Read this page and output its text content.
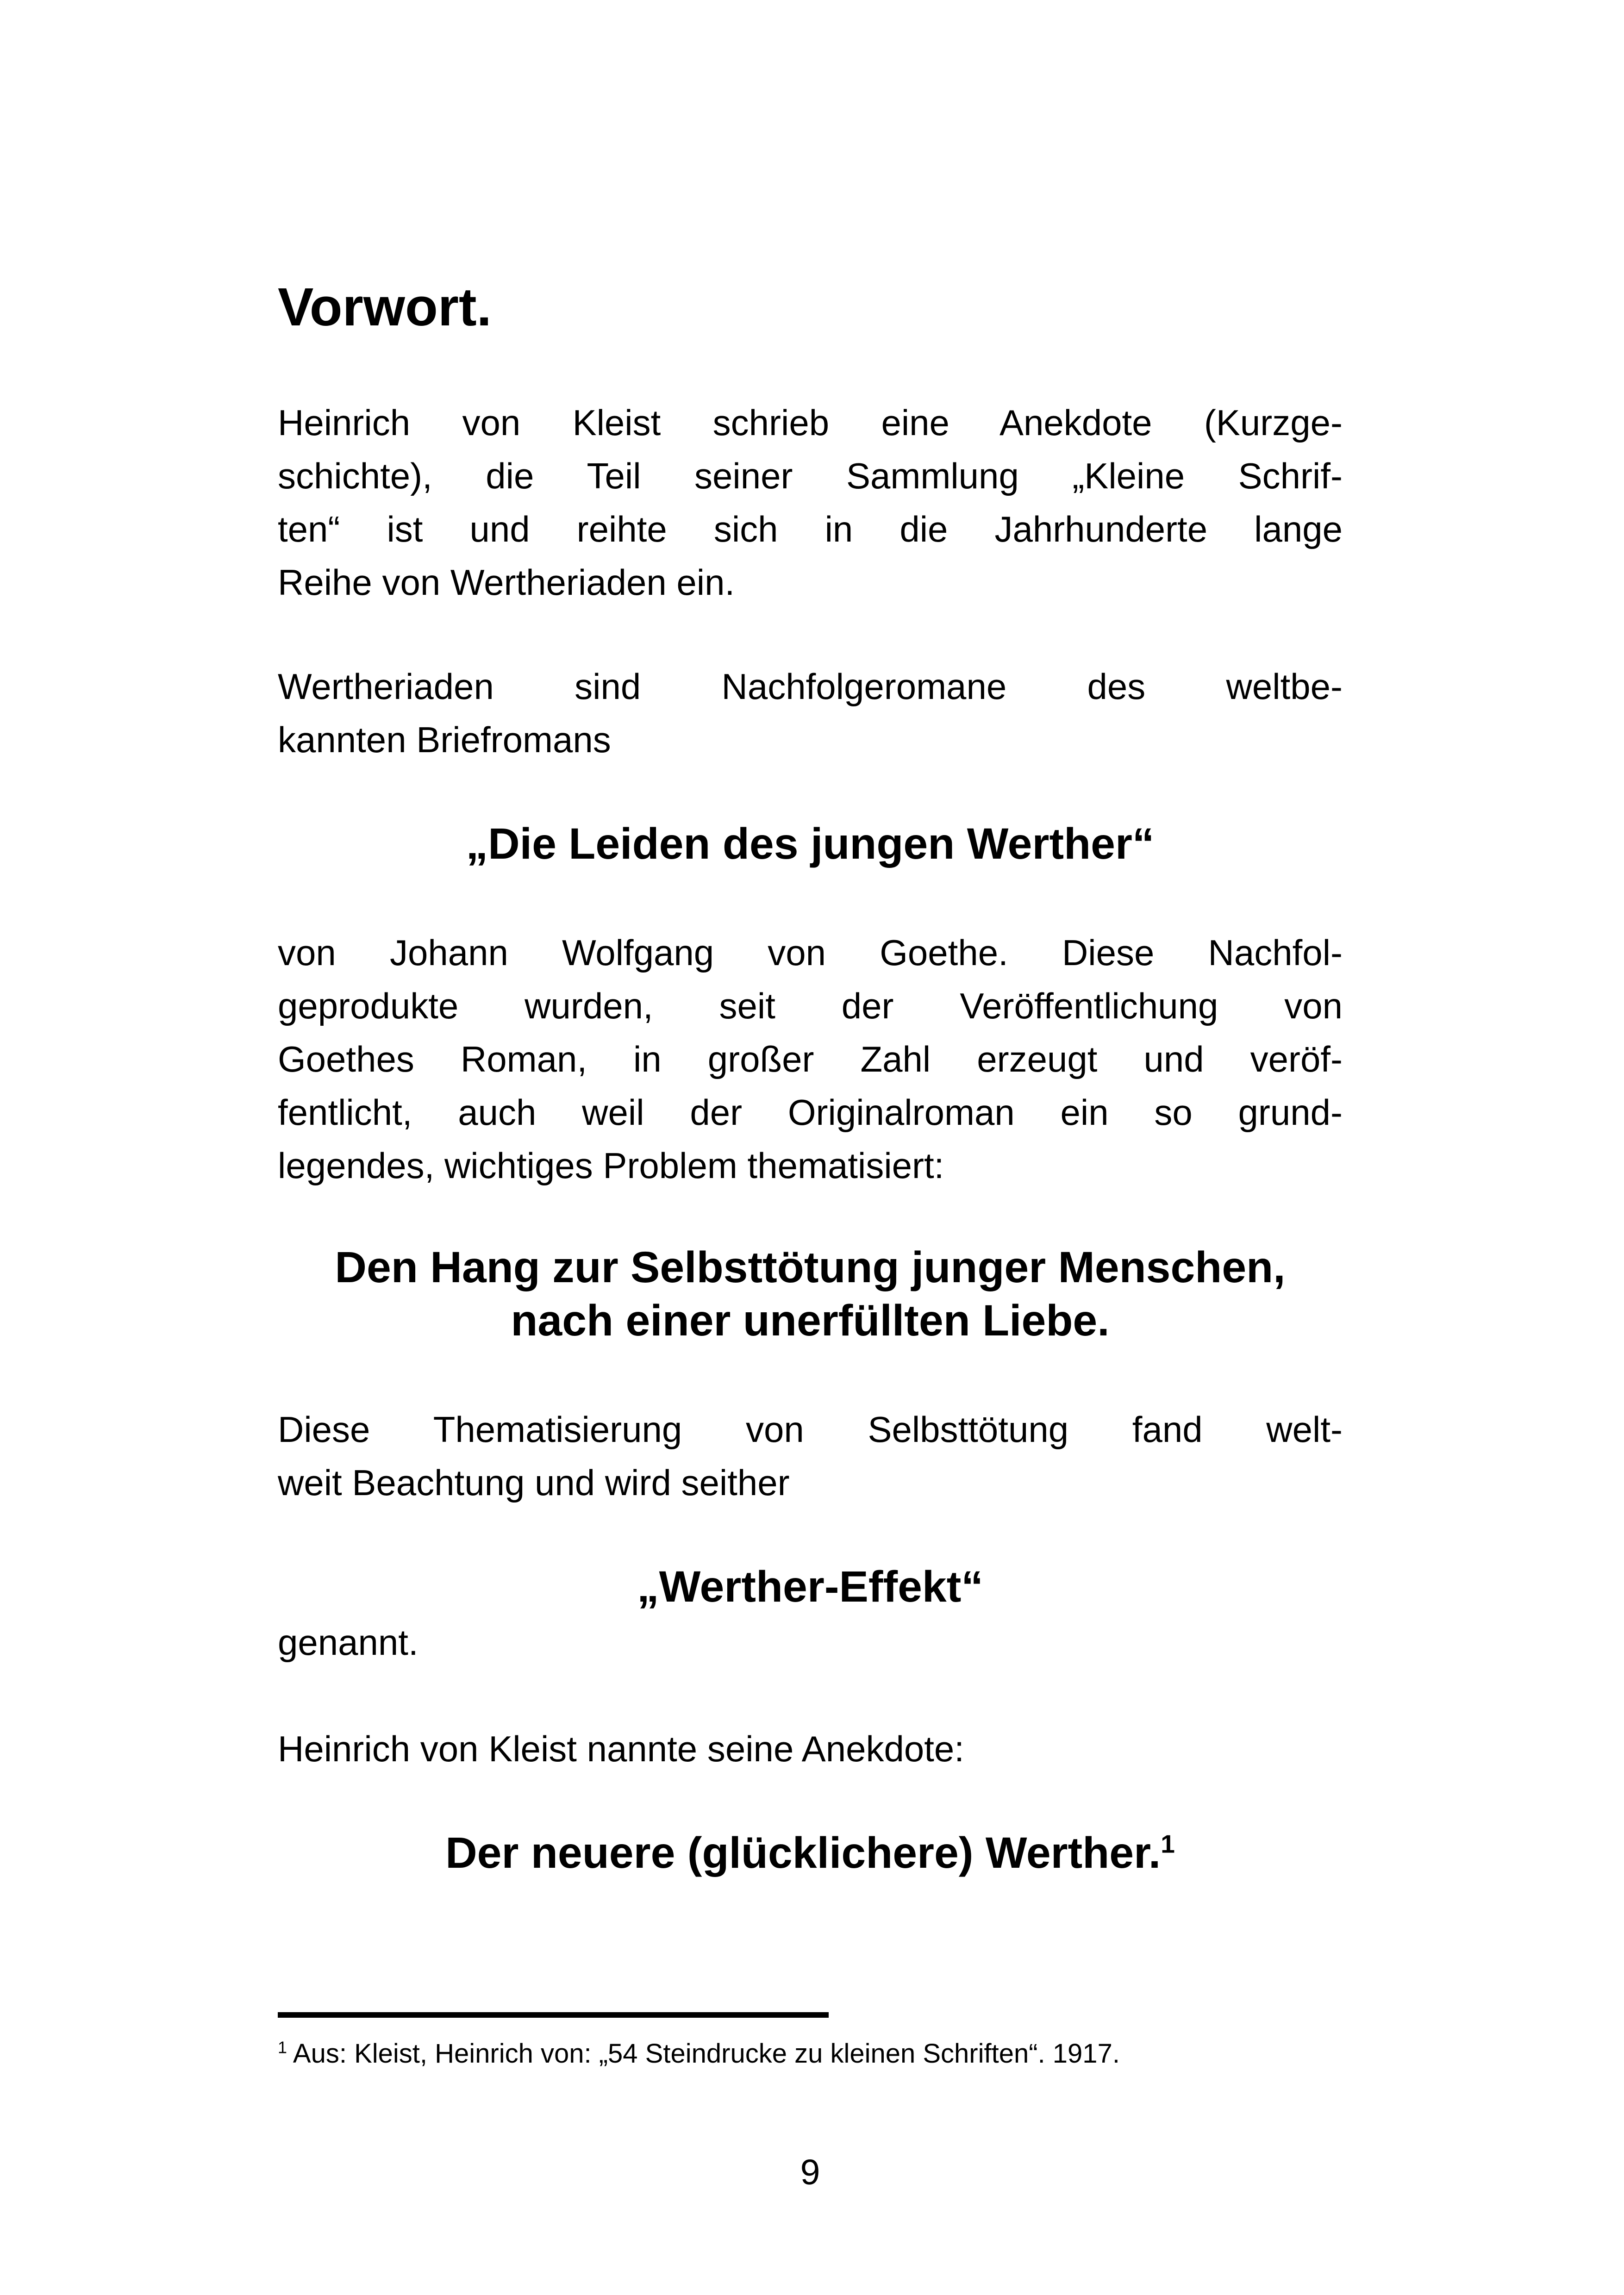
Vorwort.
Heinrich von Kleist schrieb eine Anekdote (Kurzge-
schichte), die Teil seiner Sammlung „Kleine Schrif-
ten“ ist und reihte sich in die Jahrhunderte lange
Reihe von Wertheriaden ein.
Wertheriaden sind Nachfolgeromane des weltbe-
kannten Briefromans
„Die Leiden des jungen Werther“
von Johann Wolfgang von Goethe. Diese Nachfol-
geprodukte wurden, seit der Veröffentlichung von
Goethes Roman, in großer Zahl erzeugt und veröf-
fentlicht, auch weil der Originalroman ein so grund-
legendes, wichtiges Problem thematisiert:
Den Hang zur Selbsttötung junger Menschen,
nach einer unerfüllten Liebe.
Diese Thematisierung von Selbsttötung fand welt-
weit Beachtung und wird seither
„Werther-Effekt“
genannt.
Heinrich von Kleist nannte seine Anekdote:
Der neuere (glücklichere) Werther.$^1$
$^1$ Aus: Kleist, Heinrich von: „54 Steindrucke zu kleinen Schriften“. 1917.
9
